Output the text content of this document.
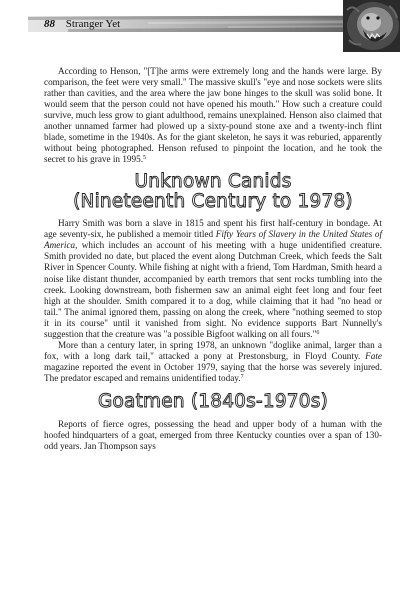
88 Stranger Yet

According to Henson, "[T]he arms were extremely long and the hands were large. By comparison, the feet were very small." The massive skull's "eye and nose sockets were slits rather than cavities, and the area where the jaw bone hinges to the skull was solid bone. It would seem that the person could not have opened his mouth." How such a creature could survive, much less grow to giant adulthood, remains unexplained. Henson also claimed that another unnamed farmer had plowed up a sixty-pound stone axe and a twenty-inch flint blade, sometime in the 1940s. As for the giant skeleton, he says it was reburied, apparently without being photographed. Henson refused to pinpoint the location, and he took the secret to his grave in 1995.$^5$

Unknown Canids
(Nineteenth Century to 1978)

Harry Smith was born a slave in 1815 and spent his first half-century in bondage. At age seventy-six, he published a memoir titled Fifty Years of Slavery in the United States of America, which includes an account of his meeting with a huge unidentified creature. Smith provided no date, but placed the event along Dutchman Creek, which feeds the Salt River in Spencer County. While fishing at night with a friend, Tom Hardman, Smith heard a noise like distant thunder, accompanied by earth tremors that sent rocks tumbling into the creek. Looking downstream, both fishermen saw an animal eight feet long and four feet high at the shoulder. Smith compared it to a dog, while claiming that it had "no head or tail." The animal ignored them, passing on along the creek, where "nothing seemed to stop it in its course" until it vanished from sight. No evidence supports Bart Nunnelly's suggestion that the creature was "a possible Bigfoot walking on all fours."$^6$

More than a century later, in spring 1978, an unknown "doglike animal, larger than a fox, with a long dark tail," attacked a pony at Prestonsburg, in Floyd County. Fate magazine reported the event in October 1979, saying that the horse was severely injured. The predator escaped and remains unidentified today.$^7$

Goatmen (1840s-1970s)

Reports of fierce ogres, possessing the head and upper body of a human with the hoofed hindquarters of a goat, emerged from three Kentucky counties over a span of 130-odd years. Jan Thompson says
